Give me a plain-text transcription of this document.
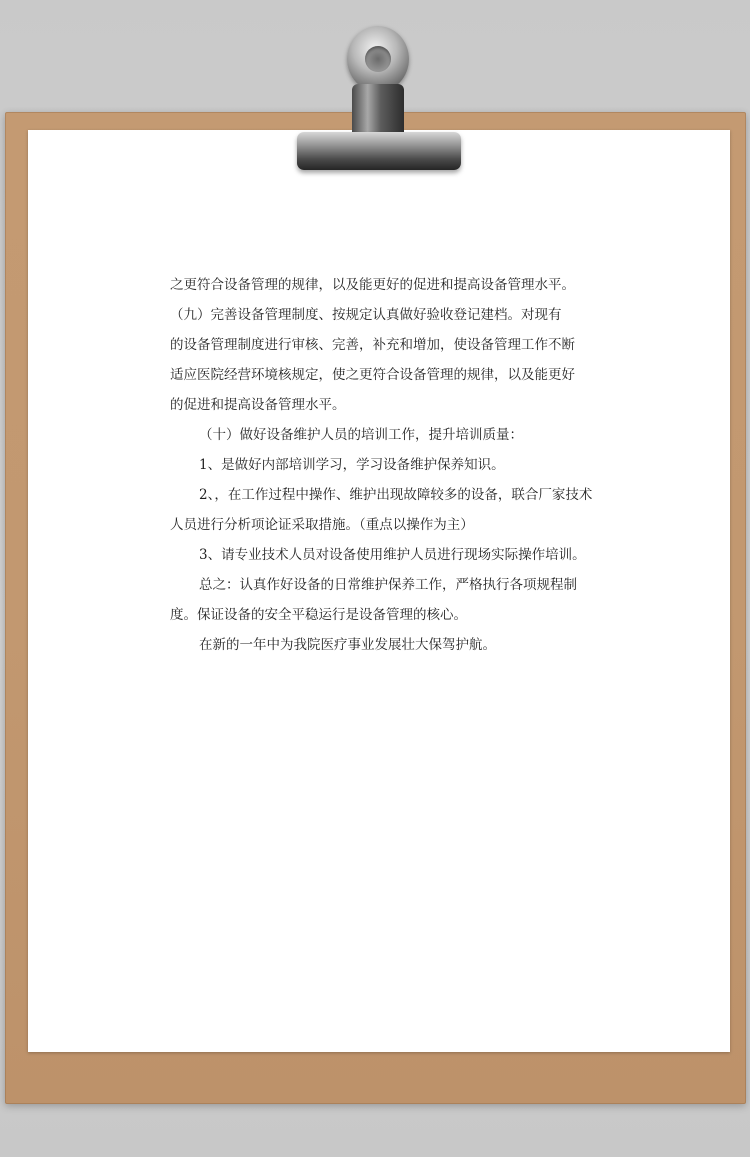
之更符合设备管理的规律，以及能更好的促进和提高设备管理水平。
（九）完善设备管理制度、按规定认真做好验收登记建档。对现有
的设备管理制度进行审核、完善，补充和增加，使设备管理工作不断
适应医院经营环境核规定，使之更符合设备管理的规律，以及能更好
的促进和提高设备管理水平。
（十）做好设备维护人员的培训工作，提升培训质量：
1、是做好内部培训学习，学习设备维护保养知识。
2、，在工作过程中操作、维护出现故障较多的设备，联合厂家技术
人员进行分析项论证采取措施。（重点以操作为主）
3、请专业技术人员对设备使用维护人员进行现场实际操作培训。
总之：认真作好设备的日常维护保养工作，严格执行各项规程制
度。保证设备的安全平稳运行是设备管理的核心。
在新的一年中为我院医疗事业发展壮大保驾护航。
